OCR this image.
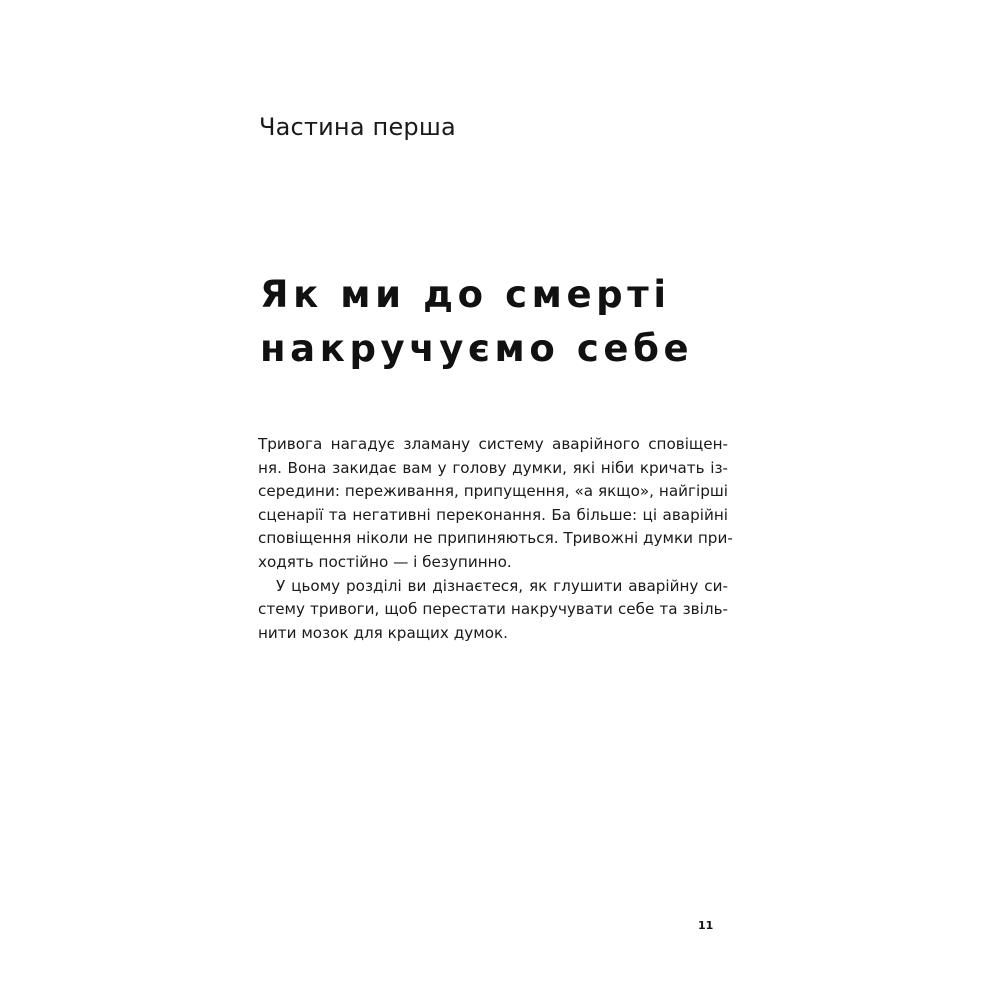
Частина перша

Як ми до смерті
накручуємо себе
Тривога нагадує зламану систему аварійного сповіщен-
ня. Вона закидає вам у голову думки, які ніби кричать із-
середини: переживання, припущення, «а якщо», найгірші
сценарії та негативні переконання. Ба більше: ці аварійні
сповіщення ніколи не припиняються. Тривожні думки при-
ходять постійно — і безупинно.
У цьому розділі ви дізнаєтеся, як глушити аварійну си-
стему тривоги, щоб перестати накручувати себе та звіль-
нити мозок для кращих думок.

11
